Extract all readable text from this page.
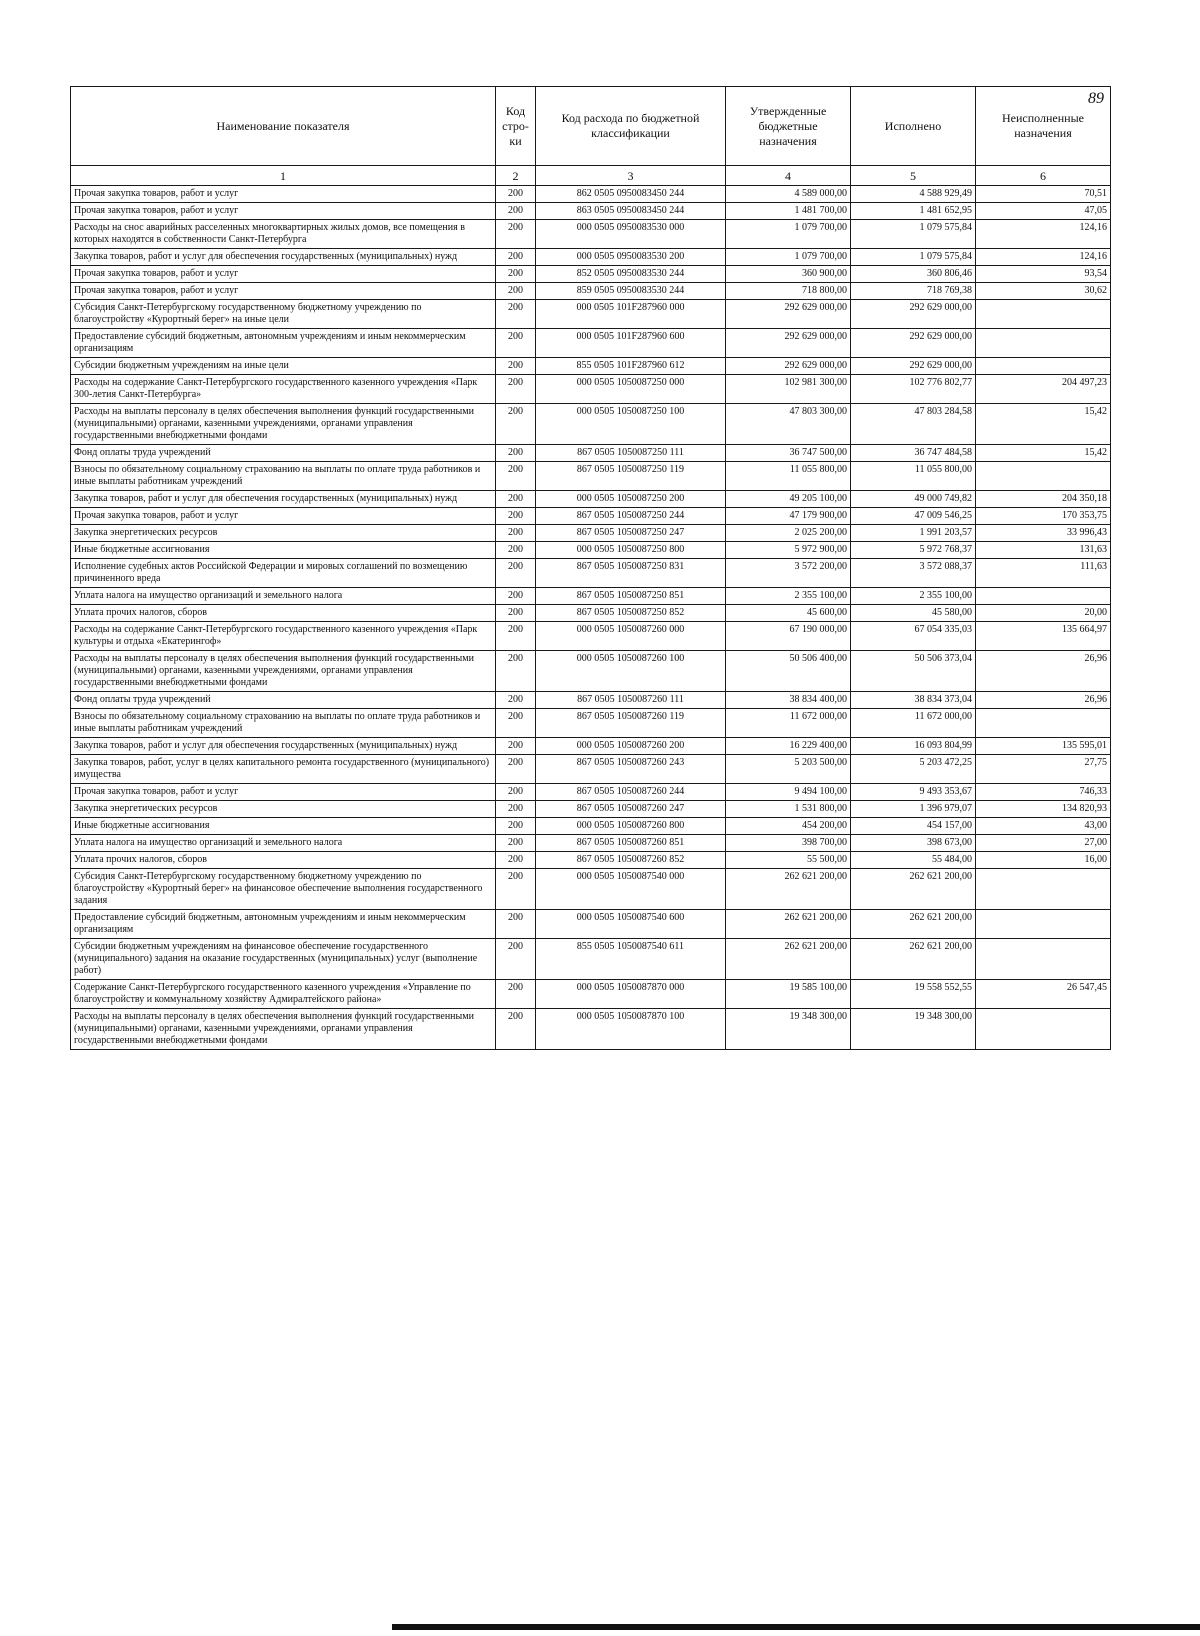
89
Наименование показателя	Код стро-ки	Код расхода по бюджетной классификации	Утвержденные бюджетные назначения	Исполнено	Неисполненные назначения
1	2	3	4	5	6
Прочая закупка товаров, работ и услуг	200	862 0505 0950083450 244	4 589 000,00	4 588 929,49	70,51
Прочая закупка товаров, работ и услуг	200	863 0505 0950083450 244	1 481 700,00	1 481 652,95	47,05
Расходы на снос аварийных расселенных многоквартирных жилых домов, все помещения в которых находятся в собственности Санкт-Петербурга	200	000 0505 0950083530 000	1 079 700,00	1 079 575,84	124,16
Закупка товаров, работ и услуг для обеспечения государственных (муниципальных) нужд	200	000 0505 0950083530 200	1 079 700,00	1 079 575,84	124,16
Прочая закупка товаров, работ и услуг	200	852 0505 0950083530 244	360 900,00	360 806,46	93,54
Прочая закупка товаров, работ и услуг	200	859 0505 0950083530 244	718 800,00	718 769,38	30,62
Субсидия Санкт-Петербургскому государственному бюджетному учреждению по благоустройству «Курортный берег» на иные цели	200	000 0505 101F287960 000	292 629 000,00	292 629 000,00	
Предоставление субсидий бюджетным, автономным учреждениям и иным некоммерческим организациям	200	000 0505 101F287960 600	292 629 000,00	292 629 000,00	
Субсидии бюджетным учреждениям на иные цели	200	855 0505 101F287960 612	292 629 000,00	292 629 000,00	
Расходы на содержание Санкт-Петербургского государственного казенного учреждения «Парк 300-летия Санкт-Петербурга»	200	000 0505 1050087250 000	102 981 300,00	102 776 802,77	204 497,23
Расходы на выплаты персоналу в целях обеспечения выполнения функций государственными (муниципальными) органами, казенными учреждениями, органами управления государственными внебюджетными фондами	200	000 0505 1050087250 100	47 803 300,00	47 803 284,58	15,42
Фонд оплаты труда учреждений	200	867 0505 1050087250 111	36 747 500,00	36 747 484,58	15,42
Взносы по обязательному социальному страхованию на выплаты по оплате труда работников и иные выплаты работникам учреждений	200	867 0505 1050087250 119	11 055 800,00	11 055 800,00	
Закупка товаров, работ и услуг для обеспечения государственных (муниципальных) нужд	200	000 0505 1050087250 200	49 205 100,00	49 000 749,82	204 350,18
Прочая закупка товаров, работ и услуг	200	867 0505 1050087250 244	47 179 900,00	47 009 546,25	170 353,75
Закупка энергетических ресурсов	200	867 0505 1050087250 247	2 025 200,00	1 991 203,57	33 996,43
Иные бюджетные ассигнования	200	000 0505 1050087250 800	5 972 900,00	5 972 768,37	131,63
Исполнение судебных актов Российской Федерации и мировых соглашений по возмещению причиненного вреда	200	867 0505 1050087250 831	3 572 200,00	3 572 088,37	111,63
Уплата налога на имущество организаций и земельного налога	200	867 0505 1050087250 851	2 355 100,00	2 355 100,00	
Уплата прочих налогов, сборов	200	867 0505 1050087250 852	45 600,00	45 580,00	20,00
Расходы на содержание Санкт-Петербургского государственного казенного учреждения «Парк культуры и отдыха «Екатерингоф»	200	000 0505 1050087260 000	67 190 000,00	67 054 335,03	135 664,97
Расходы на выплаты персоналу в целях обеспечения выполнения функций государственными (муниципальными) органами, казенными учреждениями, органами управления государственными внебюджетными фондами	200	000 0505 1050087260 100	50 506 400,00	50 506 373,04	26,96
Фонд оплаты труда учреждений	200	867 0505 1050087260 111	38 834 400,00	38 834 373,04	26,96
Взносы по обязательному социальному страхованию на выплаты по оплате труда работников и иные выплаты работникам учреждений	200	867 0505 1050087260 119	11 672 000,00	11 672 000,00	
Закупка товаров, работ и услуг для обеспечения государственных (муниципальных) нужд	200	000 0505 1050087260 200	16 229 400,00	16 093 804,99	135 595,01
Закупка товаров, работ, услуг в целях капитального ремонта государственного (муниципального) имущества	200	867 0505 1050087260 243	5 203 500,00	5 203 472,25	27,75
Прочая закупка товаров, работ и услуг	200	867 0505 1050087260 244	9 494 100,00	9 493 353,67	746,33
Закупка энергетических ресурсов	200	867 0505 1050087260 247	1 531 800,00	1 396 979,07	134 820,93
Иные бюджетные ассигнования	200	000 0505 1050087260 800	454 200,00	454 157,00	43,00
Уплата налога на имущество организаций и земельного налога	200	867 0505 1050087260 851	398 700,00	398 673,00	27,00
Уплата прочих налогов, сборов	200	867 0505 1050087260 852	55 500,00	55 484,00	16,00
Субсидия Санкт-Петербургскому государственному бюджетному учреждению по благоустройству «Курортный берег» на финансовое обеспечение выполнения государственного задания	200	000 0505 1050087540 000	262 621 200,00	262 621 200,00	
Предоставление субсидий бюджетным, автономным учреждениям и иным некоммерческим организациям	200	000 0505 1050087540 600	262 621 200,00	262 621 200,00	
Субсидии бюджетным учреждениям на финансовое обеспечение государственного (муниципального) задания на оказание государственных (муниципальных) услуг (выполнение работ)	200	855 0505 1050087540 611	262 621 200,00	262 621 200,00	
Содержание Санкт-Петербургского государственного казенного учреждения «Управление по благоустройству и коммунальному хозяйству Адмиралтейского района»	200	000 0505 1050087870 000	19 585 100,00	19 558 552,55	26 547,45
Расходы на выплаты персоналу в целях обеспечения выполнения функций государственными (муниципальными) органами, казенными учреждениями, органами управления государственными внебюджетными фондами	200	000 0505 1050087870 100	19 348 300,00	19 348 300,00	
